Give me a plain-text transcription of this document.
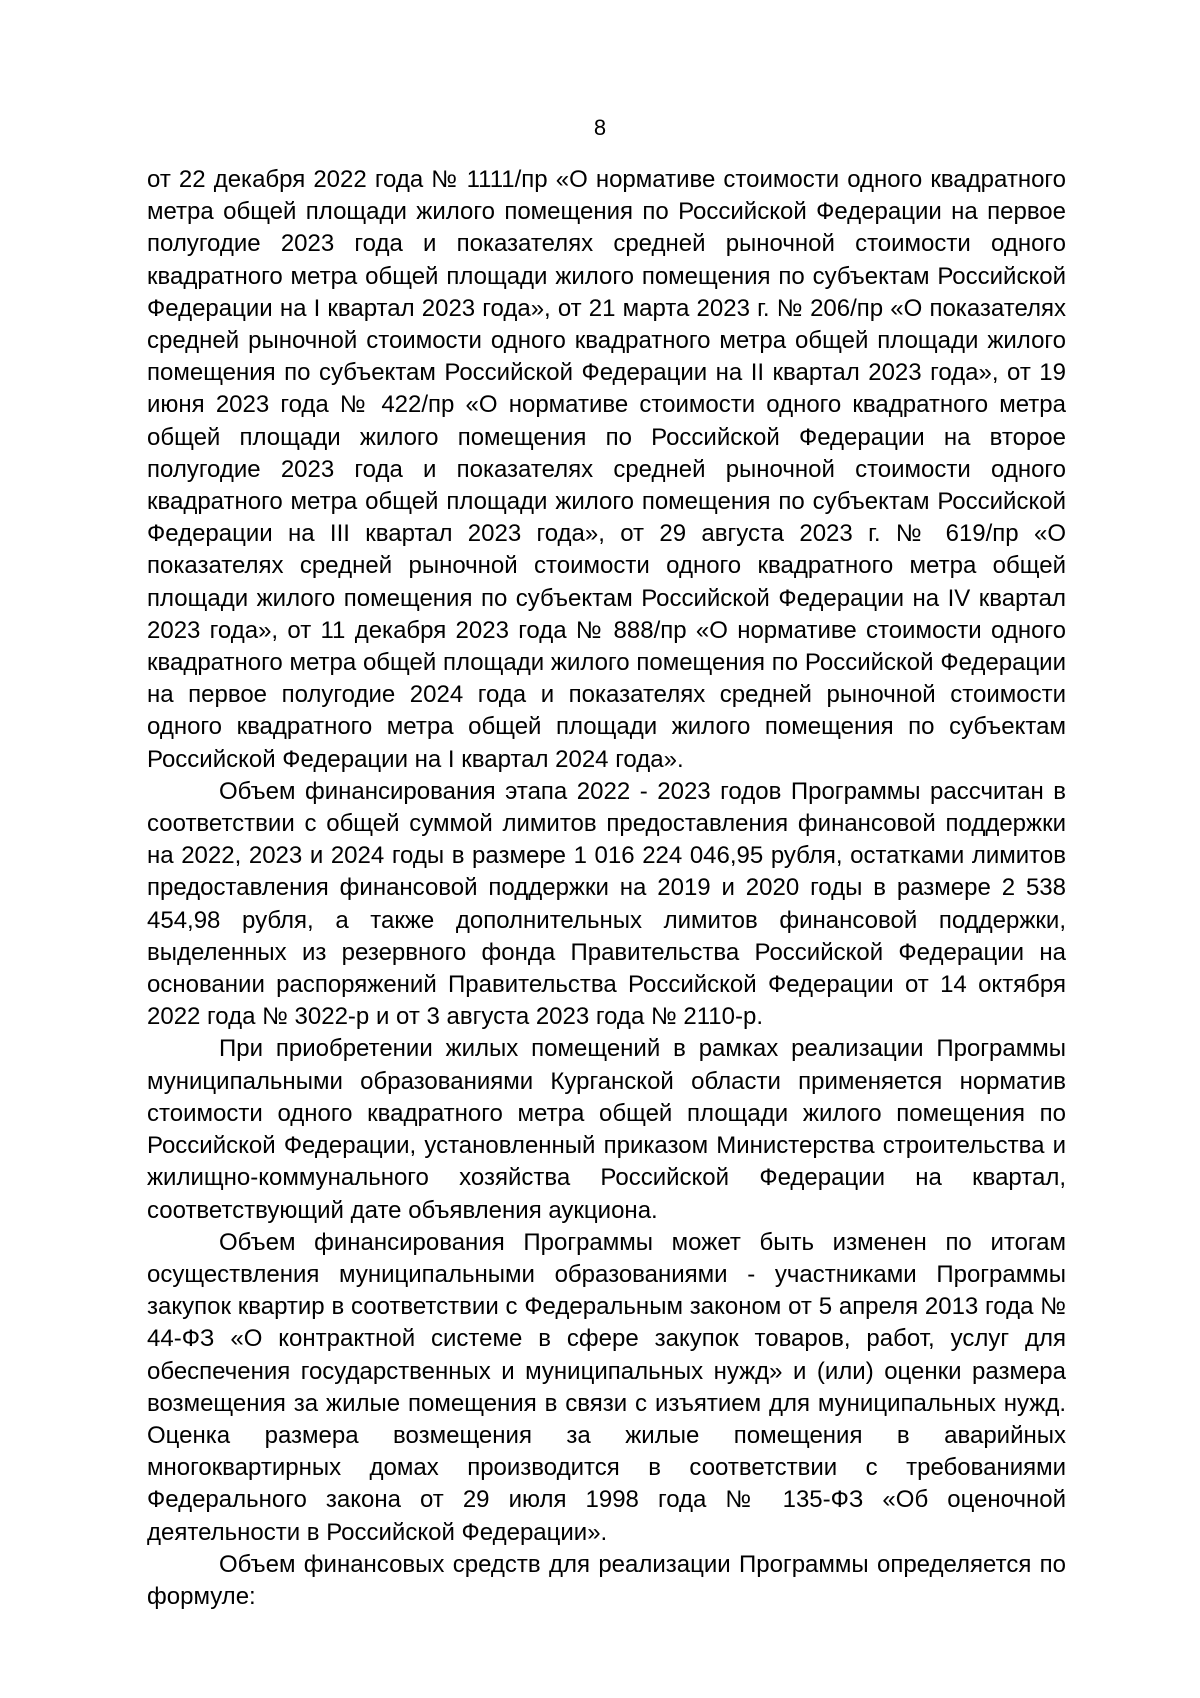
8

от 22 декабря 2022 года № 1111/пр «О нормативе стоимости одного квадратного метра общей площади жилого помещения по Российской Федерации на первое полугодие 2023 года и показателях средней рыночной стоимости одного квадратного метра общей площади жилого помещения по субъектам Российской Федерации на I квартал 2023 года», от 21 марта 2023 г. № 206/пр «О показателях средней рыночной стоимости одного квадратного метра общей площади жилого помещения по субъектам Российской Федерации на II квартал 2023 года», от 19 июня 2023 года № 422/пр «О нормативе стоимости одного квадратного метра общей площади жилого помещения по Российской Федерации на второе полугодие 2023 года и показателях средней рыночной стоимости одного квадратного метра общей площади жилого помещения по субъектам Российской Федерации на III квартал 2023 года», от 29 августа 2023 г. № 619/пр «О показателях средней рыночной стоимости одного квадратного метра общей площади жилого помещения по субъектам Российской Федерации на IV квартал 2023 года», от 11 декабря 2023 года № 888/пр «О нормативе стоимости одного квадратного метра общей площади жилого помещения по Российской Федерации на первое полугодие 2024 года и показателях средней рыночной стоимости одного квадратного метра общей площади жилого помещения по субъектам Российской Федерации на I квартал 2024 года».

Объем финансирования этапа 2022 - 2023 годов Программы рассчитан в соответствии с общей суммой лимитов предоставления финансовой поддержки на 2022, 2023 и 2024 годы в размере 1 016 224 046,95 рубля, остатками лимитов предоставления финансовой поддержки на 2019 и 2020 годы в размере 2 538 454,98 рубля, а также дополнительных лимитов финансовой поддержки, выделенных из резервного фонда Правительства Российской Федерации на основании распоряжений Правительства Российской Федерации от 14 октября 2022 года № 3022-р и от 3 августа 2023 года № 2110-р.

При приобретении жилых помещений в рамках реализации Программы муниципальными образованиями Курганской области применяется норматив стоимости одного квадратного метра общей площади жилого помещения по Российской Федерации, установленный приказом Министерства строительства и жилищно-коммунального хозяйства Российской Федерации на квартал, соответствующий дате объявления аукциона.

Объем финансирования Программы может быть изменен по итогам осуществления муниципальными образованиями - участниками Программы закупок квартир в соответствии с Федеральным законом от 5 апреля 2013 года № 44-ФЗ «О контрактной системе в сфере закупок товаров, работ, услуг для обеспечения государственных и муниципальных нужд» и (или) оценки размера возмещения за жилые помещения в связи с изъятием для муниципальных нужд. Оценка размера возмещения за жилые помещения в аварийных многоквартирных домах производится в соответствии с требованиями Федерального закона от 29 июля 1998 года № 135-ФЗ «Об оценочной деятельности в Российской Федерации».

Объем финансовых средств для реализации Программы определяется по формуле:
